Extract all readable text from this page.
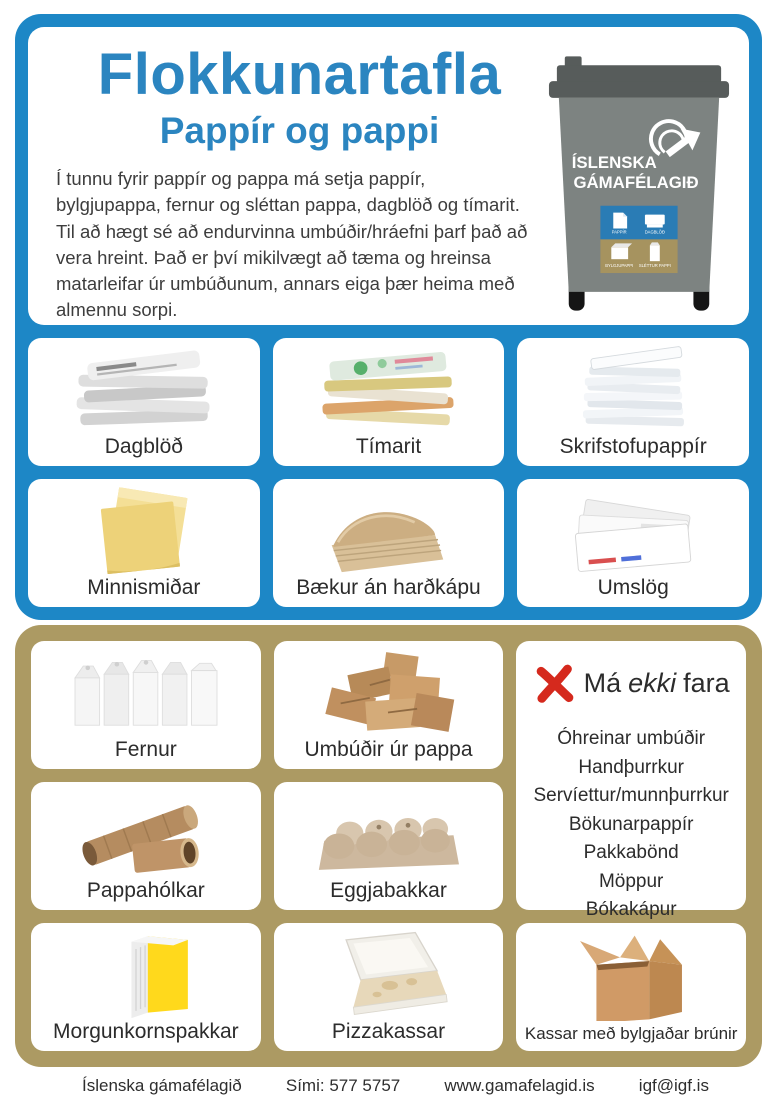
Flokkunartafla
Pappír og pappi

Í tunnu fyrir pappír og pappa má setja pappír, bylgjupappa, fernur og sléttan pappa, dagblöð og tímarit. Til að hægt sé að endurvinna umbúðir/hráefni þarf það að vera hreint. Það er því mikilvægt að tæma og hreinsa matarleifar úr umbúðunum, annars eiga þær heima með almennu sorpi.

ÍSLENSKA
GÁMAFÉLAGIÐ
PAPPÍR	DAGBLÖÐ
BYLGJUPAPPI SLÉTTUR PAPPI
Dagblöð	Tímarit	Skrifstofupappír
Minnismiðar	Bækur án harðkápu	Umslög
Fernur	Umbúðir úr pappa
Má ekki fara
Óhreinar umbúðir
Handþurrkur
Servíettur/munnþurrkur
Bökunarpappír
Pakkabönd
Möppur
Bókakápur
Pappahólkar	Eggjabakkar
Morgunkornspakkar	Pizzakassar	Kassar með bylgjaðar brúnir
Íslenska gámafélagið	Sími: 577 5757	www.gamafelagid.is	igf@igf.is
